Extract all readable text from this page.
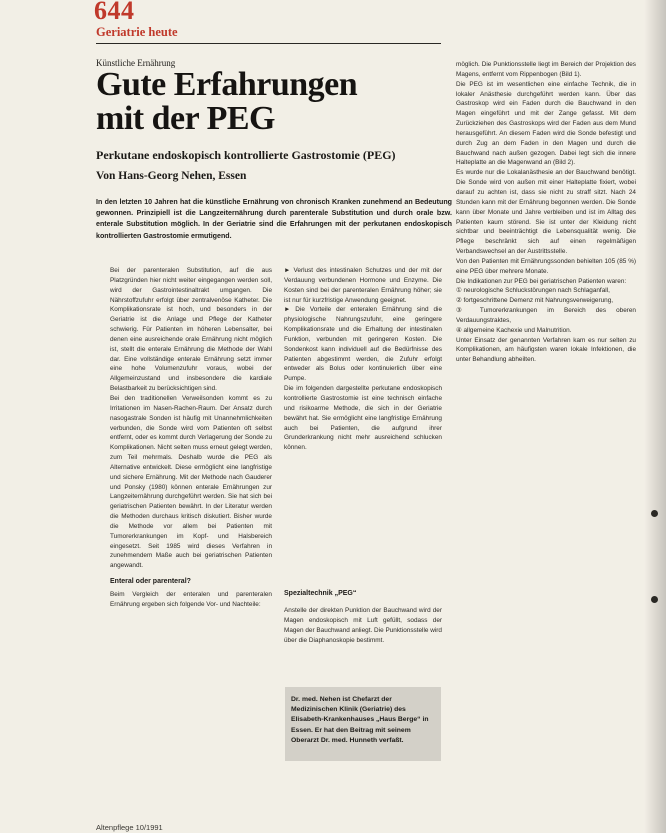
644
Geriatrie heute
Künstliche Ernährung
Gute Erfahrungen
mit der PEG
Perkutane endoskopisch kontrollierte Gastrostomie (PEG)
Von Hans-Georg Nehen, Essen
In den letzten 10 Jahren hat die künstliche Ernährung von chronisch Kranken zunehmend an Bedeutung gewonnen. Prinzipiell ist die Langzeiternährung durch parenterale Substitution und durch orale bzw. enterale Substitution möglich. In der Geriatrie sind die Erfahrungen mit der perkutanen endoskopisch kontrollierten Gastrostomie ermutigend.

Bei der parenteralen Substitution, auf die aus Platzgründen hier nicht weiter eingegangen werden soll, wird der Gastrointestinaltrakt umgangen. Die Nährstoffzufuhr erfolgt über zentralvenöse Katheter. Die Komplikationsrate ist hoch, und besonders in der Geriatrie ist die Anlage und Pflege der Katheter schwierig. Für Patienten im höheren Lebensalter, bei denen eine ausreichende orale Ernährung nicht möglich ist, stellt die enterale Ernährung die Methode der Wahl dar. Eine vollständige enterale Ernährung setzt immer eine hohe Volumenzufuhr voraus, wobei der Allgemeinzustand und insbesondere die kardiale Belastbarkeit zu berücksichtigen sind.

Bei den traditionellen Verweilsonden kommt es zu Irritationen im Nasen-Rachen-Raum. Der Ansatz durch nasogastrale Sonden ist häufig mit Unannehmlichkeiten verbunden, die Sonde wird vom Patienten oft selbst entfernt, oder es kommt durch Verlagerung der Sonde zu Komplikationen. Nicht selten muss erneut gelegt werden, zum Teil mehrmals. Deshalb wurde die PEG als Alternative entwickelt. Diese ermöglicht eine langfristige und sichere Ernährung. Mit der Methode nach Gauderer und Ponsky (1980) können enterale Ernährungen zur Langzeiternährung durchgeführt werden. Sie hat sich bei geriatrischen Patienten bewährt. In der Literatur werden die Methoden durchaus kritisch diskutiert. Bisher wurde die Methode vor allem bei Patienten mit Tumorerkrankungen im Kopf- und Halsbereich eingesetzt. Seit 1985 wird dieses Verfahren in zunehmendem Maße auch bei geriatrischen Patienten angewandt.

Enteral oder parenteral?

Beim Vergleich der enteralen und parenteralen Ernährung ergeben sich folgende Vor- und Nachteile:

► Verlust des intestinalen Schutzes und der mit der Verdauung verbundenen Hormone und Enzyme. Die Kosten sind bei der parenteralen Ernährung höher; sie ist nur für kurzfristige Anwendung geeignet.

► Die Vorteile der enteralen Ernährung sind die physiologische Nahrungszufuhr, eine geringere Komplikationsrate und die Erhaltung der intestinalen Funktion, verbunden mit geringeren Kosten. Die Sondenkost kann individuell auf die Bedürfnisse des Patienten abgestimmt werden, die Zufuhr erfolgt entweder als Bolus oder kontinuierlich über eine Pumpe.

Die im folgenden dargestellte perkutane endoskopisch kontrollierte Gastrostomie ist eine technisch einfache und risikoarme Methode, die sich in der Geriatrie bewährt hat. Sie ermöglicht eine langfristige Ernährung auch bei Patienten, die aufgrund ihrer Grunderkrankung nicht mehr ausreichend schlucken können.

Spezialtechnik „PEG“

Anstelle der direkten Punktion der Bauchwand wird der Magen endoskopisch mit Luft gefüllt, sodass der Magen der Bauchwand anliegt. Die Punktionsstelle wird über die Diaphanoskopie bestimmt.

Dr. med. Nehen ist Chefarzt der Medizinischen Klinik (Geriatrie) des Elisabeth-Krankenhauses „Haus Berge“ in Essen. Er hat den Beitrag mit seinem Oberarzt Dr. med. Hunneth verfaßt.

möglich. Die Punktionsstelle liegt im Bereich der Projektion des Magens, entfernt vom Rippenbogen (Bild 1).

Die PEG ist im wesentlichen eine einfache Technik, die in lokaler Anästhesie durchgeführt werden kann. Über das Gastroskop wird ein Faden durch die Bauchwand in den Magen eingeführt und mit der Zange gefasst. Mit dem Zurückziehen des Gastroskops wird der Faden aus dem Mund herausgeführt. An diesem Faden wird die Sonde befestigt und durch Zug an dem Faden in den Magen und durch die Bauchwand nach außen gezogen. Dabei legt sich die innere Halteplatte an die Magenwand an (Bild 2).

Es wurde nur die Lokalanästhesie an der Bauchwand benötigt. Die Sonde wird von außen mit einer Halteplatte fixiert, wobei darauf zu achten ist, dass sie nicht zu straff sitzt. Nach 24 Stunden kann mit der Ernährung begonnen werden. Die Sonde kann über Monate und Jahre verbleiben und ist im Alltag des Patienten kaum störend. Sie ist unter der Kleidung nicht sichtbar und beeinträchtigt die Lebensqualität wenig. Die Pflege beschränkt sich auf einen regelmäßigen Verbandswechsel an der Austrittsstelle.

Von den Patienten mit Ernährungssonden behielten 105 (85 %) eine PEG über mehrere Monate.

Die Indikationen zur PEG bei geriatrischen Patienten waren:

① neurologische Schluckstörungen nach Schlaganfall,

② fortgeschrittene Demenz mit Nahrungsverweigerung,

③ Tumorerkrankungen im Bereich des oberen Verdauungstraktes,

④ allgemeine Kachexie und Malnutrition.

Unter Einsatz der genannten Verfahren kam es nur selten zu Komplikationen, am häufigsten waren lokale Infektionen, die unter Behandlung abheilten.

Altenpflege 10/1991
